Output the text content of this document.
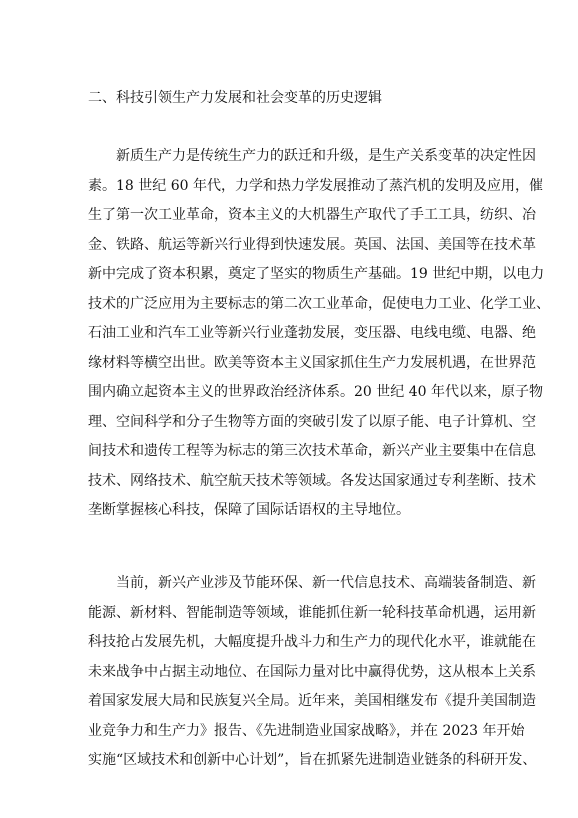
二、科技引领生产力发展和社会变革的历史逻辑
新质生产力是传统生产力的跃迁和升级，是生产关系变革的决定性因
素。18 世纪 60 年代，力学和热力学发展推动了蒸汽机的发明及应用，催
生了第一次工业革命，资本主义的大机器生产取代了手工工具，纺织、冶
金、铁路、航运等新兴行业得到快速发展。英国、法国、美国等在技术革
新中完成了资本积累，奠定了坚实的物质生产基础。19 世纪中期，以电力
技术的广泛应用为主要标志的第二次工业革命，促使电力工业、化学工业、
石油工业和汽车工业等新兴行业蓬勃发展，变压器、电线电缆、电器、绝
缘材料等横空出世。欧美等资本主义国家抓住生产力发展机遇，在世界范
围内确立起资本主义的世界政治经济体系。20 世纪 40 年代以来，原子物
理、空间科学和分子生物等方面的突破引发了以原子能、电子计算机、空
间技术和遗传工程等为标志的第三次技术革命，新兴产业主要集中在信息
技术、网络技术、航空航天技术等领域。各发达国家通过专利垄断、技术
垄断掌握核心科技，保障了国际话语权的主导地位。
当前，新兴产业涉及节能环保、新一代信息技术、高端装备制造、新
能源、新材料、智能制造等领域，谁能抓住新一轮科技革命机遇，运用新
科技抢占发展先机，大幅度提升战斗力和生产力的现代化水平，谁就能在
未来战争中占据主动地位、在国际力量对比中赢得优势，这从根本上关系
着国家发展大局和民族复兴全局。近年来，美国相继发布《提升美国制造
业竞争力和生产力》报告、《先进制造业国家战略》，并在 2023 年开始
实施“区域技术和创新中心计划”，旨在抓紧先进制造业链条的科研开发、
